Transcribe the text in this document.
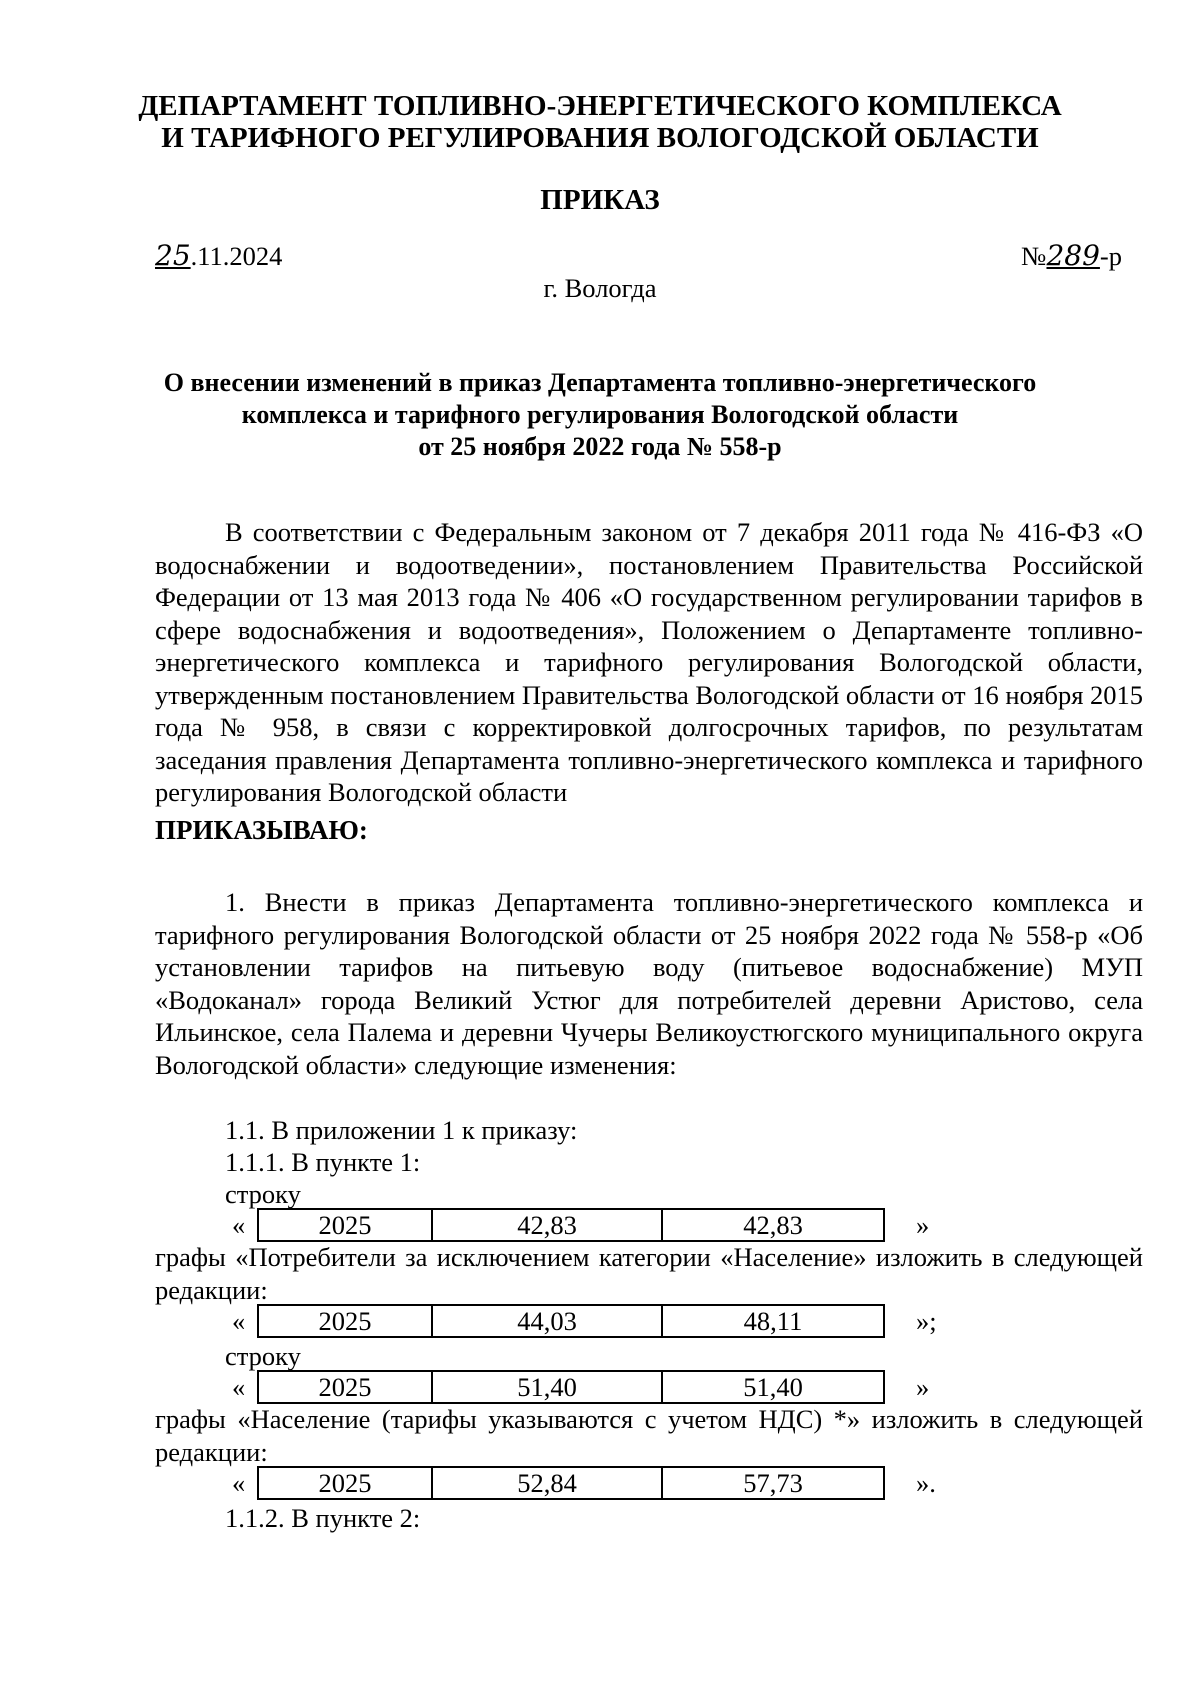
ДЕПАРТАМЕНТ ТОПЛИВНО-ЭНЕРГЕТИЧЕСКОГО КОМПЛЕКСА
И ТАРИФНОГО РЕГУЛИРОВАНИЯ ВОЛОГОДСКОЙ ОБЛАСТИ
ПРИКАЗ
25.11.2024	№289-р
г. Вологда
О внесении изменений в приказ Департамента топливно-энергетического
комплекса и тарифного регулирования Вологодской области
от 25 ноября 2022 года № 558-р
В соответствии с Федеральным законом от 7 декабря 2011 года № 416-ФЗ «О водоснабжении и водоотведении», постановлением Правительства Российской Федерации от 13 мая 2013 года № 406 «О государственном регулировании тарифов в сфере водоснабжения и водоотведения», Положением о Департаменте топливно-энергетического комплекса и тарифного регулирования Вологодской области, утвержденным постановлением Правительства Вологодской области от 16 ноября 2015 года № 958, в связи с корректировкой долгосрочных тарифов, по результатам заседания правления Департамента топливно-энергетического комплекса и тарифного регулирования Вологодской области
ПРИКАЗЫВАЮ:
1. Внести в приказ Департамента топливно-энергетического комплекса и тарифного регулирования Вологодской области от 25 ноября 2022 года № 558-р «Об установлении тарифов на питьевую воду (питьевое водоснабжение) МУП «Водоканал» города Великий Устюг для потребителей деревни Аристово, села Ильинское, села Палема и деревни Чучеры Великоустюгского муниципального округа Вологодской области» следующие изменения:
1.1. В приложении 1 к приказу:
1.1.1. В пункте 1:
строку
«	2025	42,83	42,83	»
графы «Потребители за исключением категории «Население» изложить в следующей редакции:
«	2025	44,03	48,11	»;
строку
«	2025	51,40	51,40	»
графы «Население (тарифы указываются с учетом НДС) *» изложить в следующей редакции:
«	2025	52,84	57,73	».
1.1.2. В пункте 2:
